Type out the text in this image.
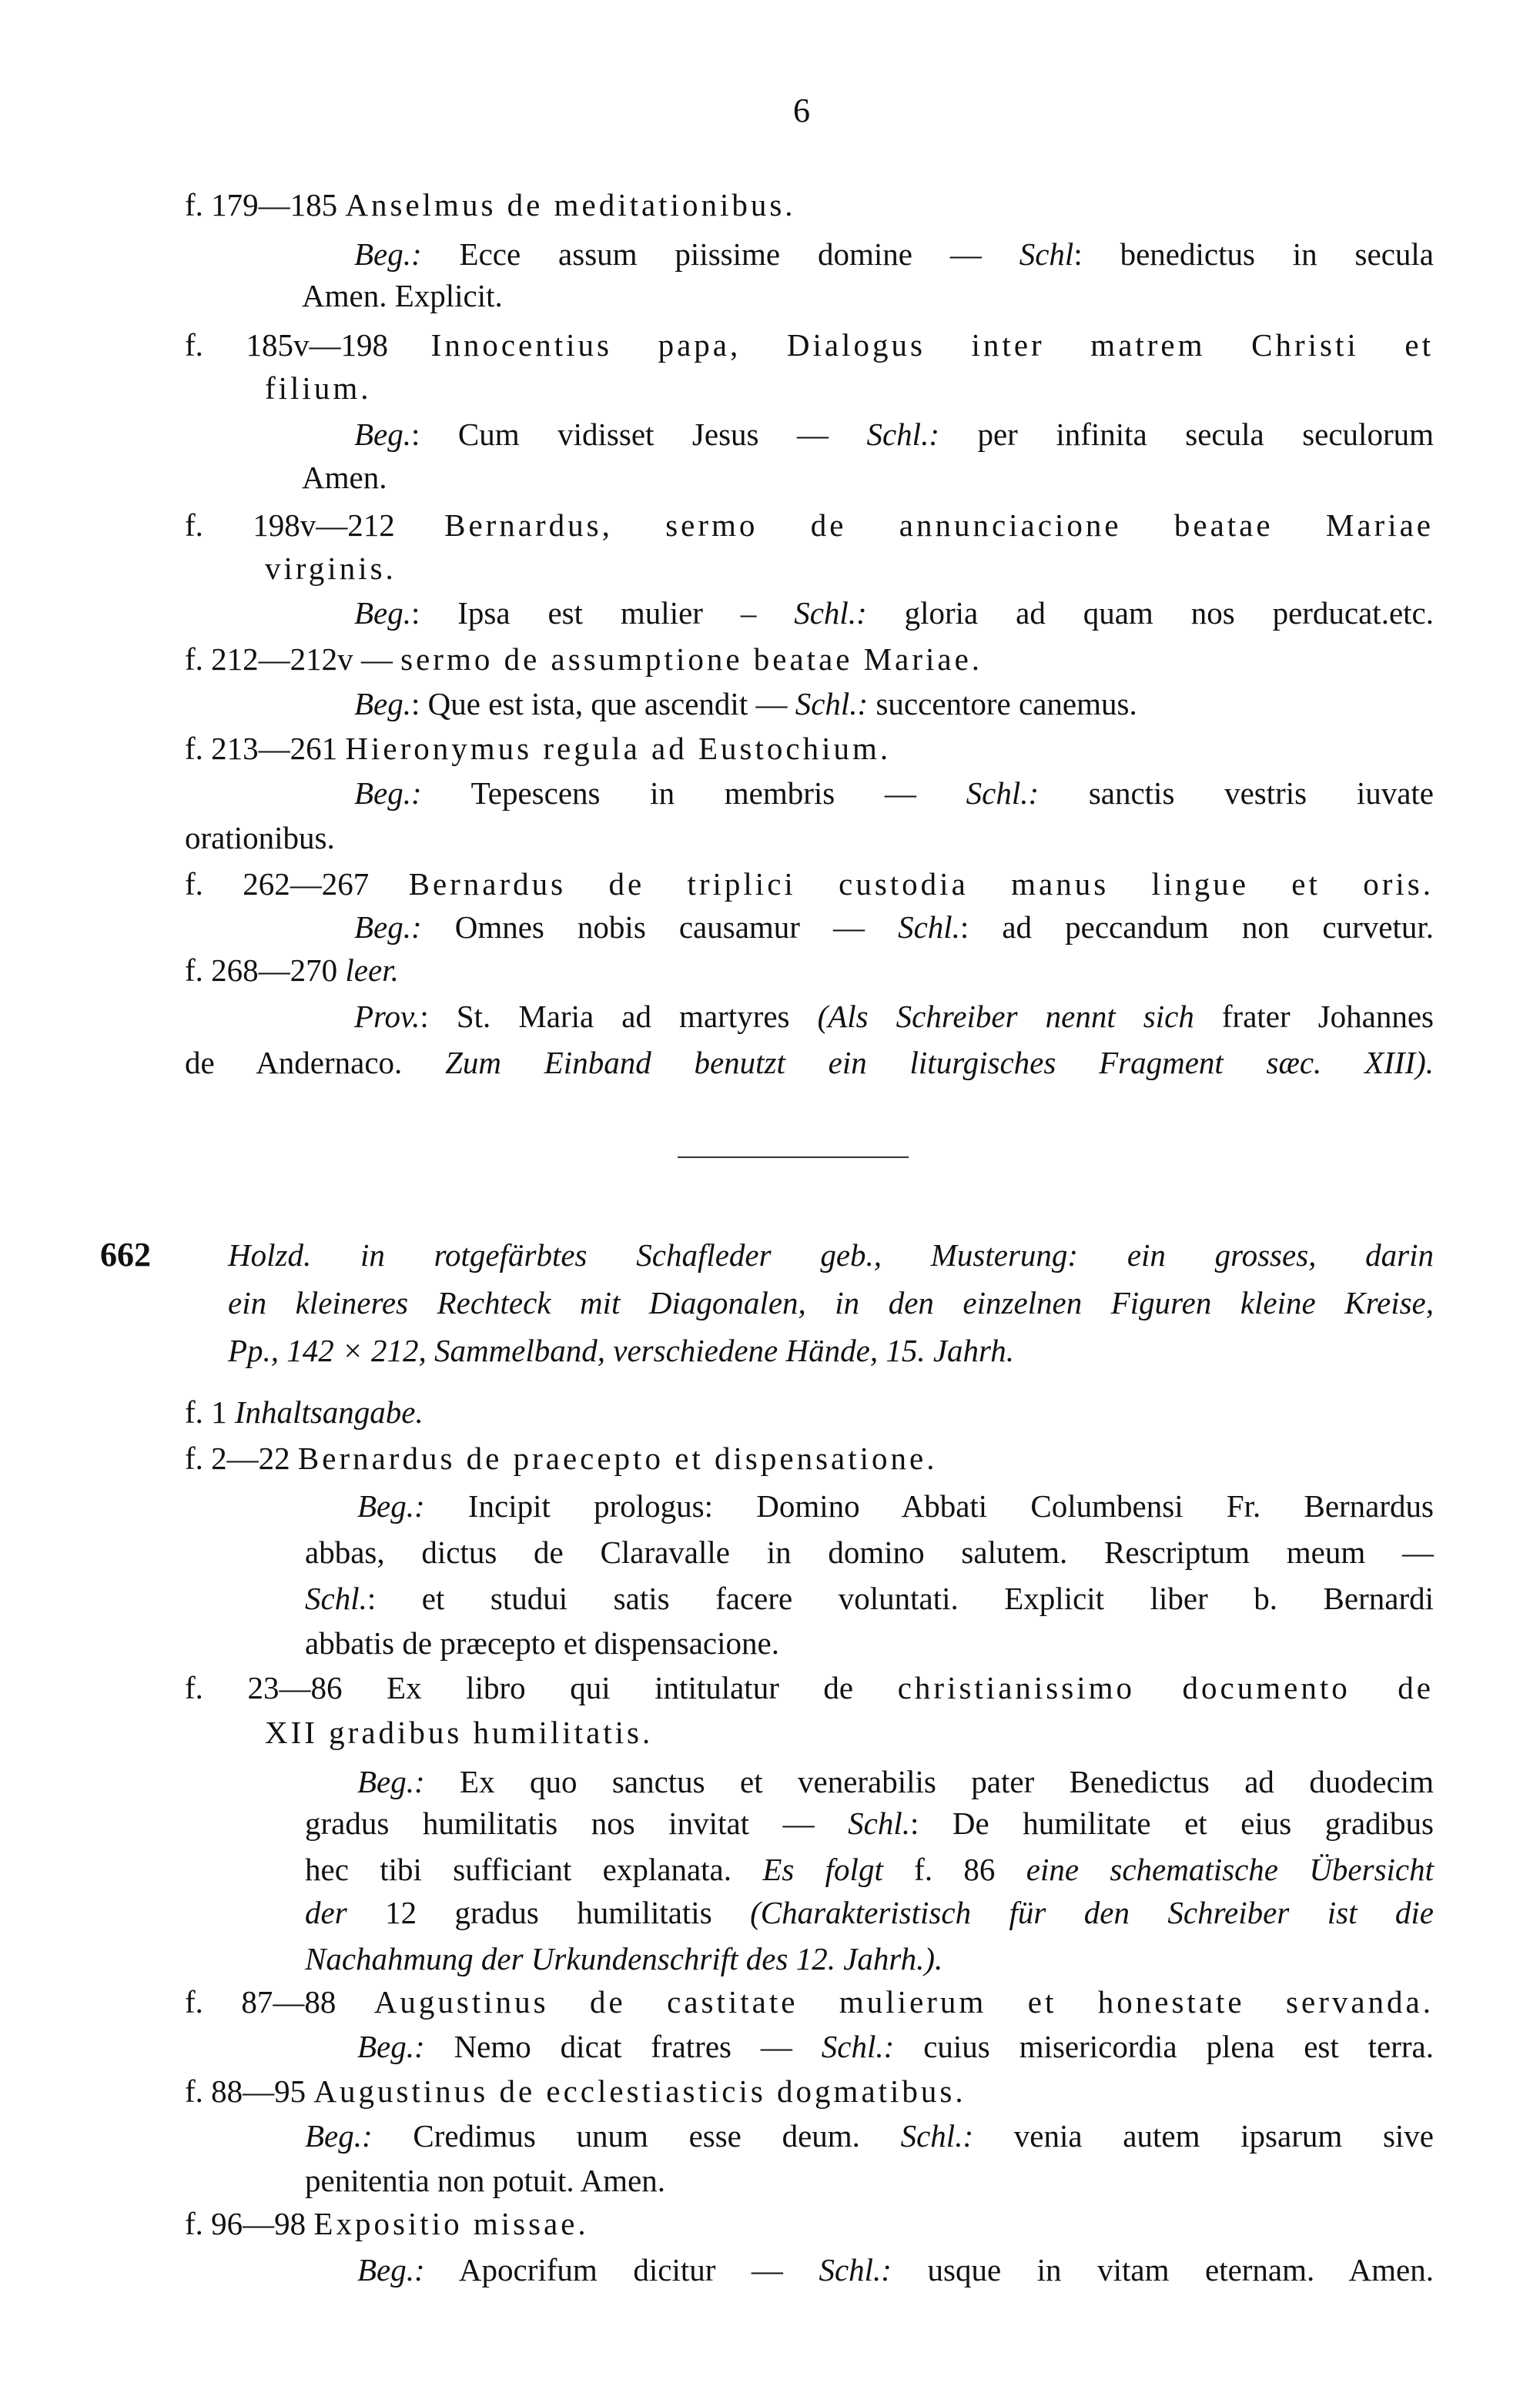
6
662
f. 179—185 Anselmus de meditationibus.
Beg.: Ecce assum piissime domine — Schl: benedictus in secula
Amen. Explicit.
f. 185v—198 Innocentius papa, Dialogus inter matrem Christi et
filium.
Beg.: Cum vidisset Jesus — Schl.: per infinita secula seculorum
Amen.
f. 198v—212 Bernardus, sermo de annunciacione beatae Mariae
virginis.
Beg.: Ipsa est mulier – Schl.: gloria ad quam nos perducat.etc.
f. 212—212v — sermo de assumptione beatae Mariae.
Beg.: Que est ista, que ascendit — Schl.: succentore canemus.
f. 213—261 Hieronymus regula ad Eustochium.
Beg.: Tepescens in membris — Schl.: sanctis vestris iuvate
orationibus.
f. 262—267 Bernardus de triplici custodia manus lingue et oris.
Beg.: Omnes nobis causamur — Schl.: ad peccandum non curvetur.
f. 268—270 leer.
Prov.: St. Maria ad martyres (Als Schreiber nennt sich frater Johannes
de Andernaco. Zum Einband benutzt ein liturgisches Fragment sæc. XIII).
Holzd. in rotgefärbtes Schafleder geb., Musterung: ein grosses, darin
ein kleineres Rechteck mit Diagonalen, in den einzelnen Figuren kleine Kreise,
Pp., 142 × 212, Sammelband, verschiedene Hände, 15. Jahrh.
f. 1 Inhaltsangabe.
f. 2—22 Bernardus de praecepto et dispensatione.
Beg.: Incipit prologus: Domino Abbati Columbensi Fr. Bernardus
abbas, dictus de Claravalle in domino salutem. Rescriptum meum —
Schl.: et studui satis facere voluntati. Explicit liber b. Bernardi
abbatis de præcepto et dispensacione.
f. 23—86 Ex libro qui intitulatur de christianissimo documento de
XII gradibus humilitatis.
Beg.: Ex quo sanctus et venerabilis pater Benedictus ad duodecim
gradus humilitatis nos invitat — Schl.: De humilitate et eius gradibus
hec tibi sufficiant explanata. Es folgt f. 86 eine schematische Übersicht
der 12 gradus humilitatis (Charakteristisch für den Schreiber ist die
Nachahmung der Urkundenschrift des 12. Jahrh.).
f. 87—88 Augustinus de castitate mulierum et honestate servanda.
Beg.: Nemo dicat fratres — Schl.: cuius misericordia plena est terra.
f. 88—95 Augustinus de ecclestiasticis dogmatibus.
Beg.: Credimus unum esse deum. Schl.: venia autem ipsarum sive
penitentia non potuit. Amen.
f. 96—98 Expositio missae.
Beg.: Apocrifum dicitur — Schl.: usque in vitam eternam. Amen.
